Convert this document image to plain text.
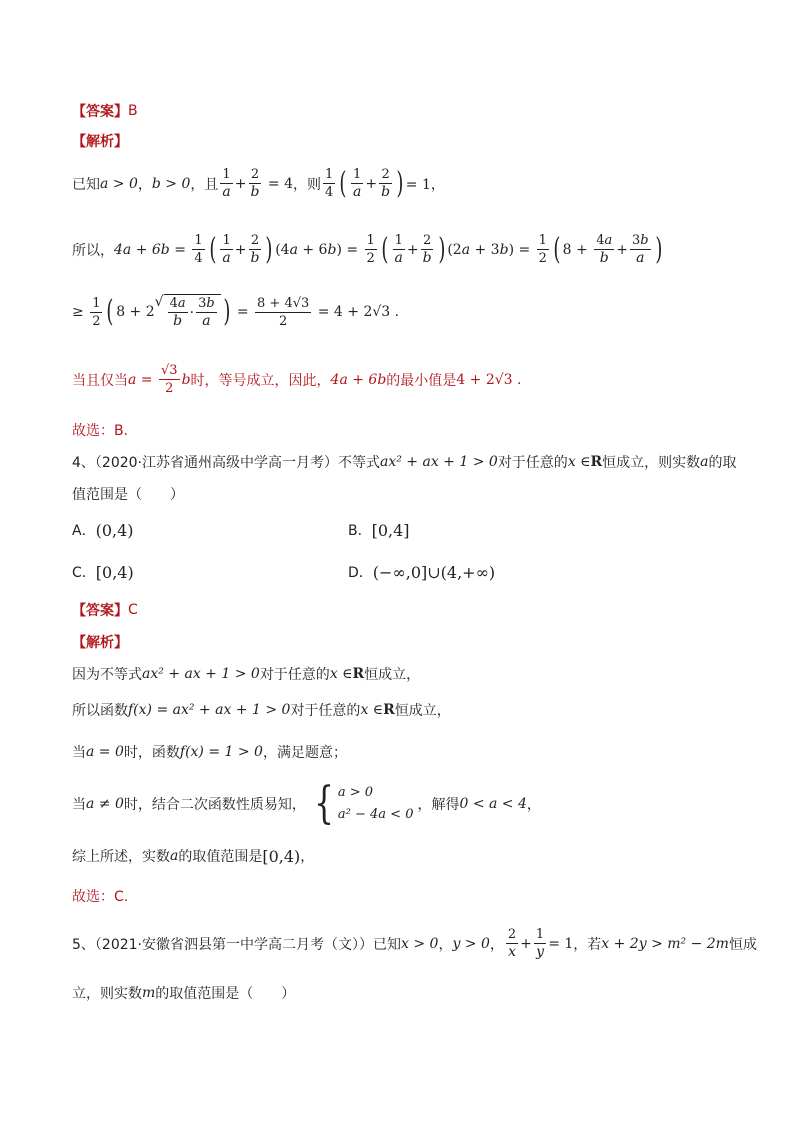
【答案】 B
【解析】
已知 a > 0 ， b > 0 ，且 $\frac{1}{a} + \frac{2}{b} = 4$ ，则 $\frac{1}{4}$ ( $\frac{1}{a} + \frac{2}{b}$ ) = 1，
所以， $4a + 6b = \frac{1}{4}$ ( $\frac{1}{a} + \frac{2}{b}$ ) $(4a + 6b) = \frac{1}{2}$ ( $\frac{1}{a} + \frac{2}{b}$ ) $(2a + 3b) = \frac{1}{2}$ ( $8 + \frac{4a}{b} + \frac{3b}{a}$ )
≥ $\frac{1}{2}$ ( 8 + 2
√ $\frac{4a}{b} \cdot \frac{3b}{a}$ ) = $\frac{8 + 4√3}{2} = 4 + 2√3$ .
当且仅当 $a = \frac{√3}{2}$ b 时，等号成立，因此， 4a + 6b 的最小值是 4 + 2 √3 .
故选：B.
4、（2020·江苏省通州高级中学高一月考）不等式 ax² + ax + 1 > 0 对于任意的 x ∈ R 恒成立，则实数 a 的取
值范围是（　　）
A． (0,4)	B． [0,4]
C． [0,4)	D． (−∞,0]∪(4,+∞)
【答案】 C
【解析】
因为不等式 ax² + ax + 1 > 0 对于任意的 x ∈ R 恒成立，
所以函数 f(x) = ax² + ax + 1 > 0 对于任意的 x ∈ R 恒成立，
当 a = 0 时，函数 f(x) = 1 > 0 ，满足题意；
当 a ≠ 0 时，结合二次函数性质易知， { a > 0
a² − 4a < 0
，解得 0 < a < 4 ，
综上所述，实数 a 的取值范围是 [0,4) ，
故选：C.
5、（2021·安徽省泗县第一中学高二月考（文））已知 x > 0 ， y > 0 ， $\frac{2}{x} + \frac{1}{y} = 1$ ，若 x + 2y > m² − 2m 恒成
立，则实数 m 的取值范围是（　　）
